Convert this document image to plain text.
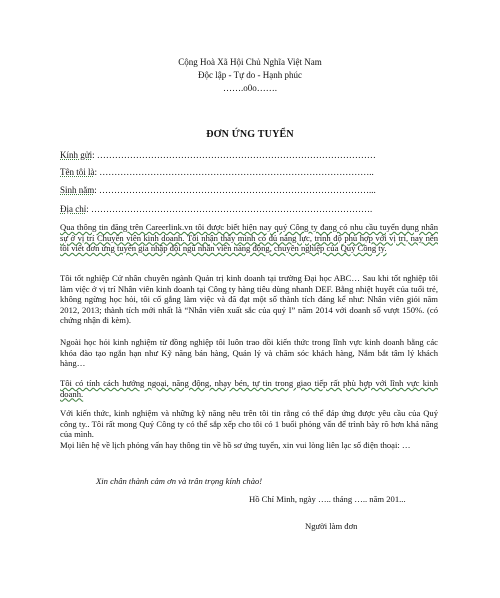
Cộng Hoà Xã Hội Chủ Nghĩa Việt Nam
Độc lập - Tự do - Hạnh phúc
…….o0o…….
ĐƠN ỨNG TUYỂN
Kính gửi: …………………………………………………………………………………
Tên tôi là: ………………………………………………………………………………..
Sinh năm: ………………………………………………………………………………...
Địa chỉ: ………………………………………………………………………………….
Qua thông tin đăng trên Careerlink.vn tôi được biết hiện nay quý Công ty đang có nhu cầu tuyển dụng nhân sự ở vị trí Chuyên viên kinh doanh. Tôi nhận thấy mình có đủ năng lực, trình độ phù hợp với vị trí, nay nên tôi viết đơn ứng tuyển gia nhập đội ngũ nhân viên năng động, chuyên nghiệp của Quý Công ty.
Tôi tốt nghiệp Cử nhân chuyên ngành Quản trị kinh doanh tại trường Đại học ABC… Sau khi tốt nghiệp tôi làm việc ở vị trí Nhân viên kinh doanh tại Công ty hàng tiêu dùng nhanh DEF. Bằng nhiệt huyết của tuổi trẻ, không ngừng học hỏi, tôi cố gắng làm việc và đã đạt một số thành tích đáng kể như: Nhân viên giỏi năm 2012, 2013; thành tích mới nhất là “Nhân viên xuất sắc của quý I” năm 2014 với doanh số vượt 150%. (có chứng nhận đi kèm).
Ngoài học hỏi kinh nghiệm từ đồng nghiệp tôi luôn trao dồi kiến thức trong lĩnh vực kinh doanh bằng các khóa đào tạo ngắn hạn như Kỹ năng bán hàng, Quản lý và chăm sóc khách hàng, Nắm bắt tâm lý khách hàng…
Tôi có tính cách hướng ngoại, năng động, nhạy bén, tự tin trong giao tiếp rất phù hợp với lĩnh vực kinh doanh.
Với kiến thức, kinh nghiệm và những kỹ năng nêu trên tôi tin rằng có thể đáp ứng được yêu cầu của Quý công ty.. Tôi rất mong Quý Công ty có thể sắp xếp cho tôi có 1 buổi phỏng vấn để trình bày rõ hơn khả năng của mình.
Mọi liên hệ về lịch phỏng vấn hay thông tin về hồ sơ ứng tuyển, xin vui lòng liên lạc số điện thoại: …
Xin chân thành cảm ơn và trân trọng kính chào!
Hồ Chí Minh, ngày ….. tháng ….. năm 201...
Người làm đơn
